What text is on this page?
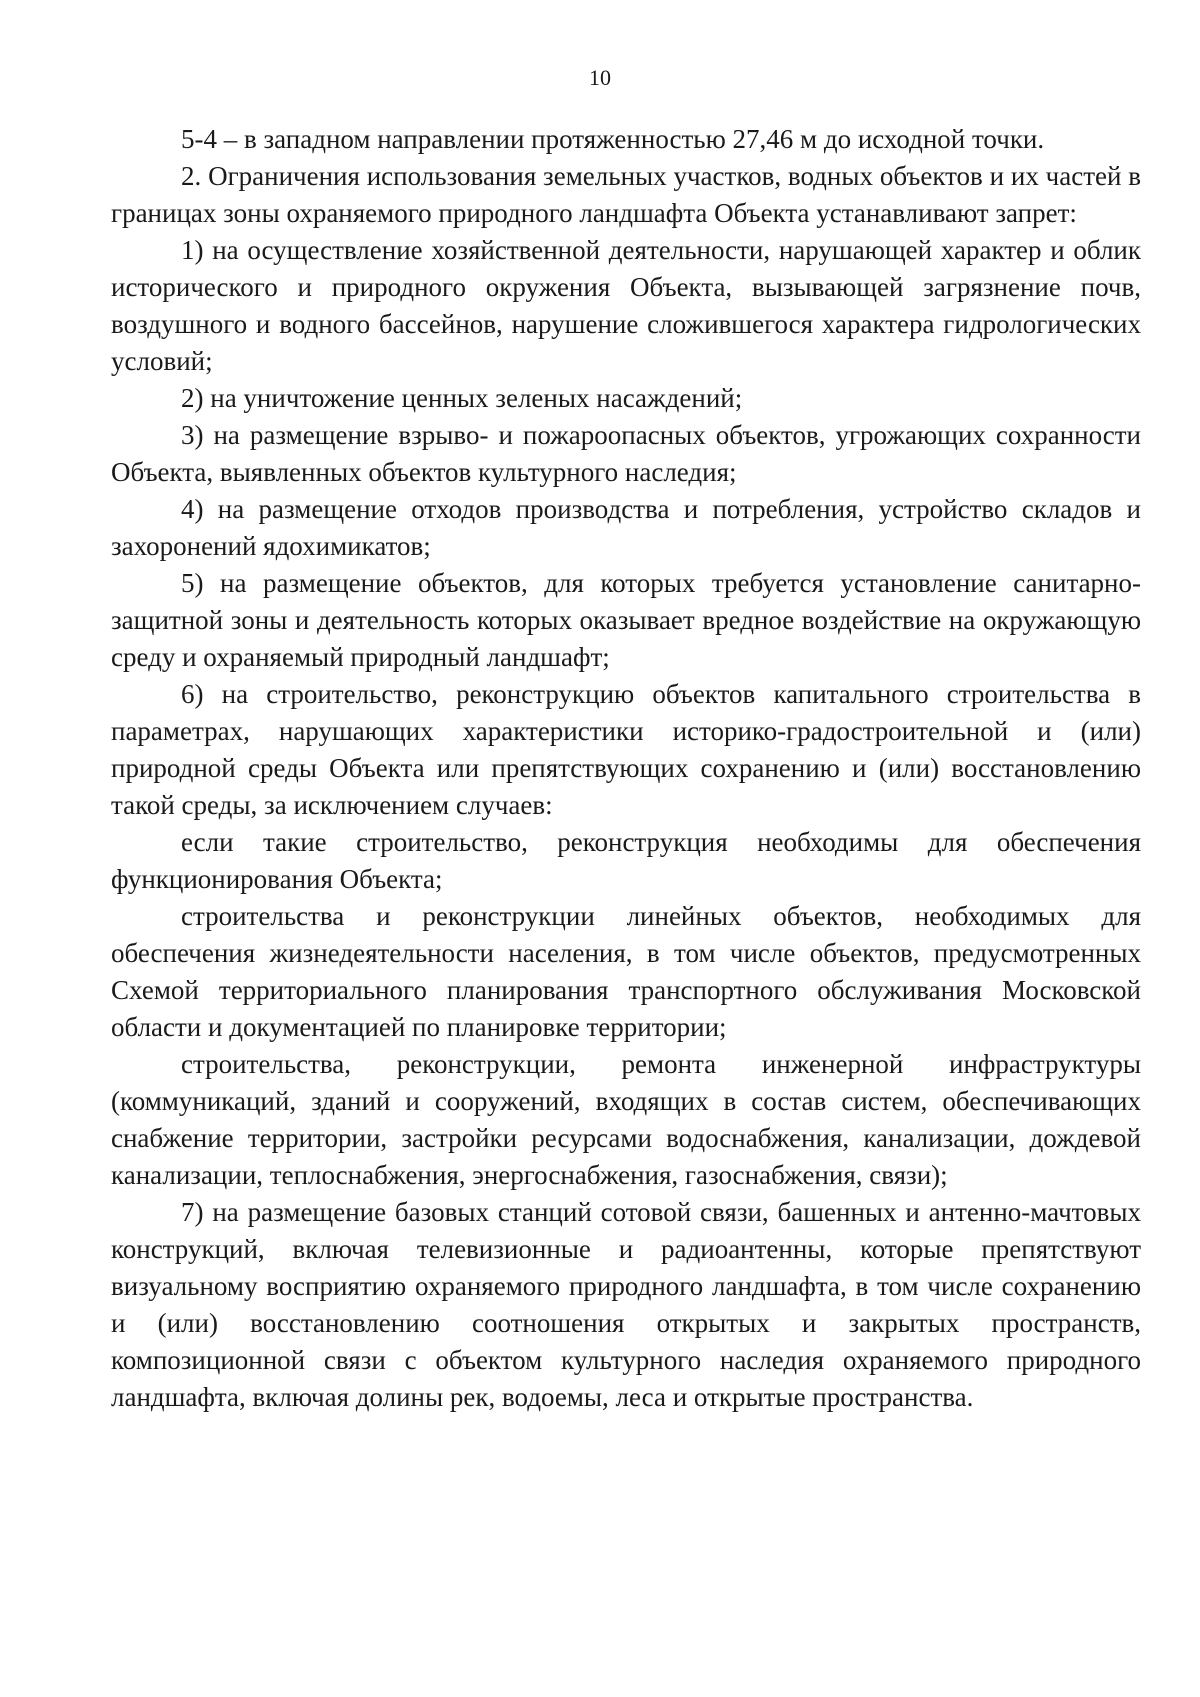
10

5-4 – в западном направлении протяженностью 27,46 м до исходной точки.

2. Ограничения использования земельных участков, водных объектов и их частей в границах зоны охраняемого природного ландшафта Объекта устанавливают запрет:

1) на осуществление хозяйственной деятельности, нарушающей характер и облик исторического и природного окружения Объекта, вызывающей загрязнение почв, воздушного и водного бассейнов, нарушение сложившегося характера гидрологических условий;

2) на уничтожение ценных зеленых насаждений;

3) на размещение взрыво- и пожароопасных объектов, угрожающих сохранности Объекта, выявленных объектов культурного наследия;

4) на размещение отходов производства и потребления, устройство складов и захоронений ядохимикатов;

5) на размещение объектов, для которых требуется установление санитарно-защитной зоны и деятельность которых оказывает вредное воздействие на окружающую среду и охраняемый природный ландшафт;

6) на строительство, реконструкцию объектов капитального строительства в параметрах, нарушающих характеристики историко-градостроительной и (или) природной среды Объекта или препятствующих сохранению и (или) восстановлению такой среды, за исключением случаев:

если такие строительство, реконструкция необходимы для обеспечения функционирования Объекта;

строительства и реконструкции линейных объектов, необходимых для обеспечения жизнедеятельности населения, в том числе объектов, предусмотренных Схемой территориального планирования транспортного обслуживания Московской области и документацией по планировке территории;

строительства, реконструкции, ремонта инженерной инфраструктуры (коммуникаций, зданий и сооружений, входящих в состав систем, обеспечивающих снабжение территории, застройки ресурсами водоснабжения, канализации, дождевой канализации, теплоснабжения, энергоснабжения, газоснабжения, связи);

7) на размещение базовых станций сотовой связи, башенных и антенно-мачтовых конструкций, включая телевизионные и радиоантенны, которые препятствуют визуальному восприятию охраняемого природного ландшафта, в том числе сохранению и (или) восстановлению соотношения открытых и закрытых пространств, композиционной связи с объектом культурного наследия охраняемого природного ландшафта, включая долины рек, водоемы, леса и открытые пространства.
